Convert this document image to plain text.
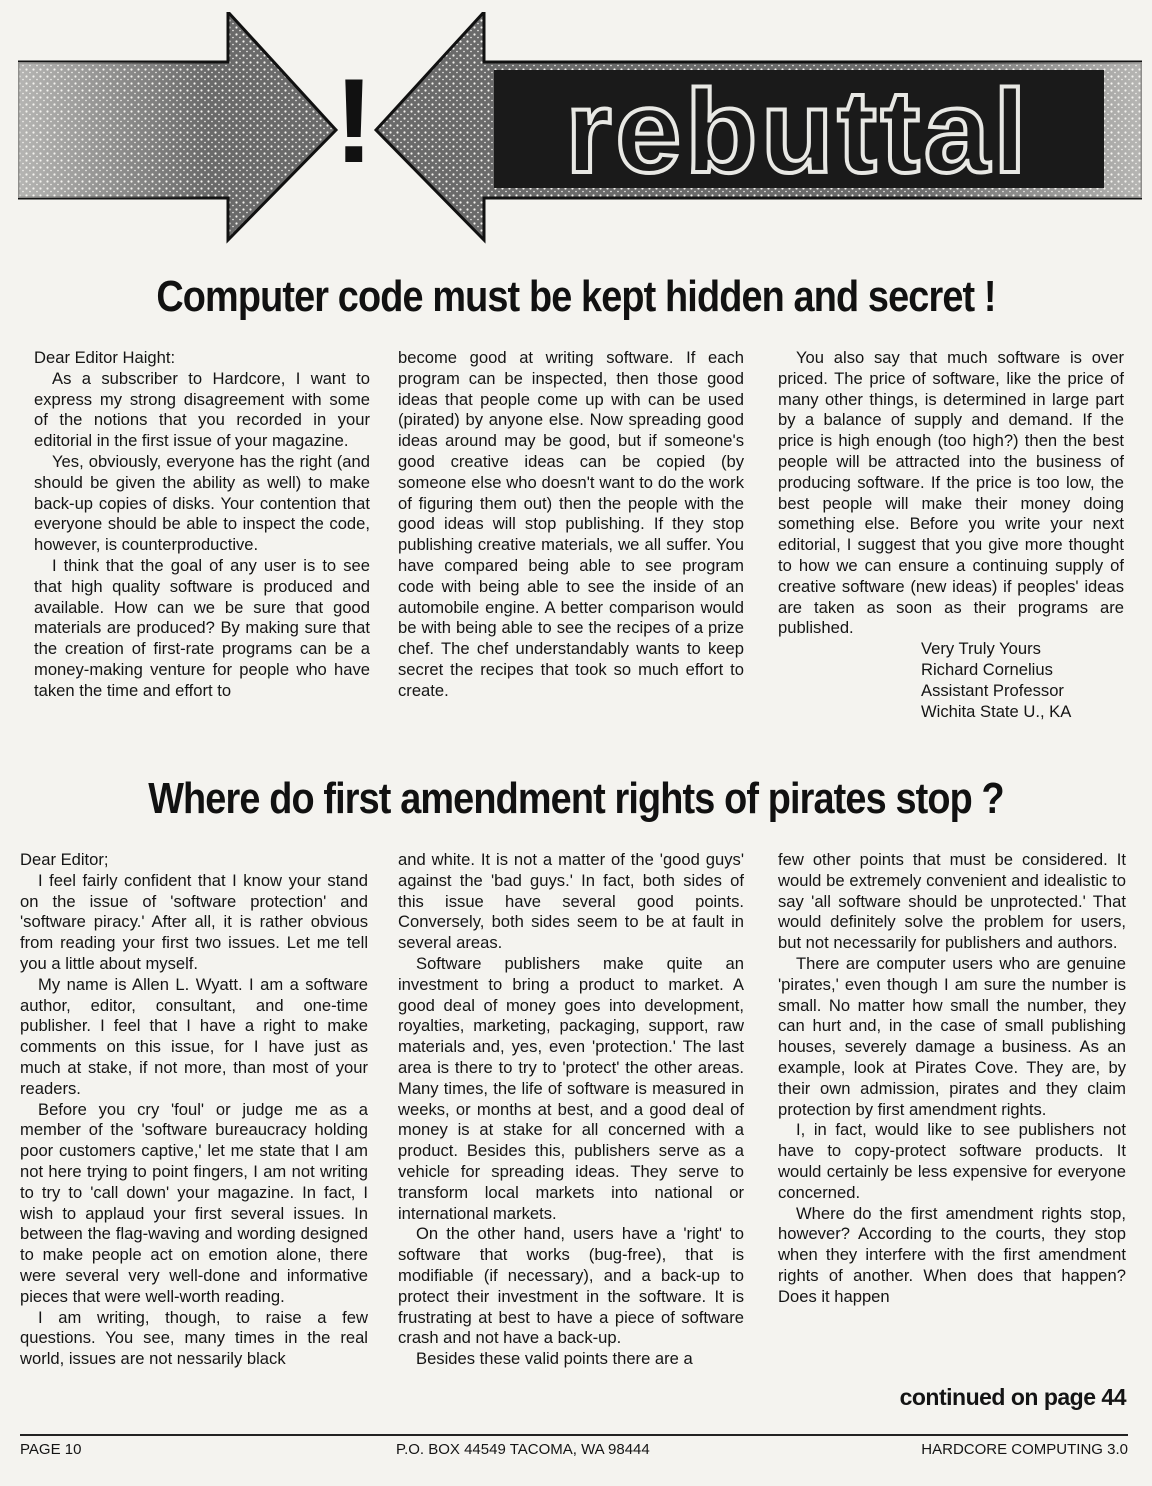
! rebuttal
Computer code must be kept hidden and secret !

Dear Editor Haight:

As a subscriber to Hardcore, I want to express my strong disagreement with some of the notions that you recorded in your editorial in the first issue of your magazine.

Yes, obviously, everyone has the right (and should be given the ability as well) to make back-up copies of disks. Your contention that everyone should be able to inspect the code, however, is counterproductive.

I think that the goal of any user is to see that high quality software is produced and available. How can we be sure that good materials are produced? By making sure that the creation of first-rate programs can be a money-making venture for people who have taken the time and effort to

become good at writing software. If each program can be inspected, then those good ideas that people come up with can be used (pirated) by anyone else. Now spreading good ideas around may be good, but if someone's good creative ideas can be copied (by someone else who doesn't want to do the work of figuring them out) then the people with the good ideas will stop publishing. If they stop publishing creative materials, we all suffer. You have compared being able to see program code with being able to see the inside of an automobile engine. A better comparison would be with being able to see the recipes of a prize chef. The chef understandably wants to keep secret the recipes that took so much effort to create.

You also say that much software is over priced. The price of software, like the price of many other things, is determined in large part by a balance of supply and demand. If the price is high enough (too high?) then the best people will be attracted into the business of producing software. If the price is too low, the best people will make their money doing something else. Before you write your next editorial, I suggest that you give more thought to how we can ensure a continuing supply of creative software (new ideas) if peoples' ideas are taken as soon as their programs are published.

Very Truly Yours

Richard Cornelius

Assistant Professor

Wichita State U., KA

Where do first amendment rights of pirates stop ?

Dear Editor;

I feel fairly confident that I know your stand on the issue of 'software protection' and 'software piracy.' After all, it is rather obvious from reading your first two issues. Let me tell you a little about myself.

My name is Allen L. Wyatt. I am a software author, editor, consultant, and one-time publisher. I feel that I have a right to make comments on this issue, for I have just as much at stake, if not more, than most of your readers.

Before you cry 'foul' or judge me as a member of the 'software bureaucracy holding poor customers captive,' let me state that I am not here trying to point fingers, I am not writing to try to 'call down' your magazine. In fact, I wish to applaud your first several issues. In between the flag-waving and wording designed to make people act on emotion alone, there were several very well-done and informative pieces that were well-worth reading.

I am writing, though, to raise a few questions. You see, many times in the real world, issues are not nessarily black

and white. It is not a matter of the 'good guys' against the 'bad guys.' In fact, both sides of this issue have several good points. Conversely, both sides seem to be at fault in several areas.

Software publishers make quite an investment to bring a product to market. A good deal of money goes into development, royalties, marketing, packaging, support, raw materials and, yes, even 'protection.' The last area is there to try to 'protect' the other areas. Many times, the life of software is measured in weeks, or months at best, and a good deal of money is at stake for all concerned with a product. Besides this, publishers serve as a vehicle for spreading ideas. They serve to transform local markets into national or international markets.

On the other hand, users have a 'right' to software that works (bug-free), that is modifiable (if necessary), and a back-up to protect their investment in the software. It is frustrating at best to have a piece of software crash and not have a back-up.

Besides these valid points there are a

few other points that must be considered. It would be extremely convenient and idealistic to say 'all software should be unprotected.' That would definitely solve the problem for users, but not necessarily for publishers and authors.

There are computer users who are genuine 'pirates,' even though I am sure the number is small. No matter how small the number, they can hurt and, in the case of small publishing houses, severely damage a business. As an example, look at Pirates Cove. They are, by their own admission, pirates and they claim protection by first amendment rights.

I, in fact, would like to see publishers not have to copy-protect software products. It would certainly be less expensive for everyone concerned.

Where do the first amendment rights stop, however? According to the courts, they stop when they interfere with the first amendment rights of another. When does that happen? Does it happen

continued on page 44
PAGE 10	P.O. BOX 44549 TACOMA, WA 98444	HARDCORE COMPUTING 3.0
